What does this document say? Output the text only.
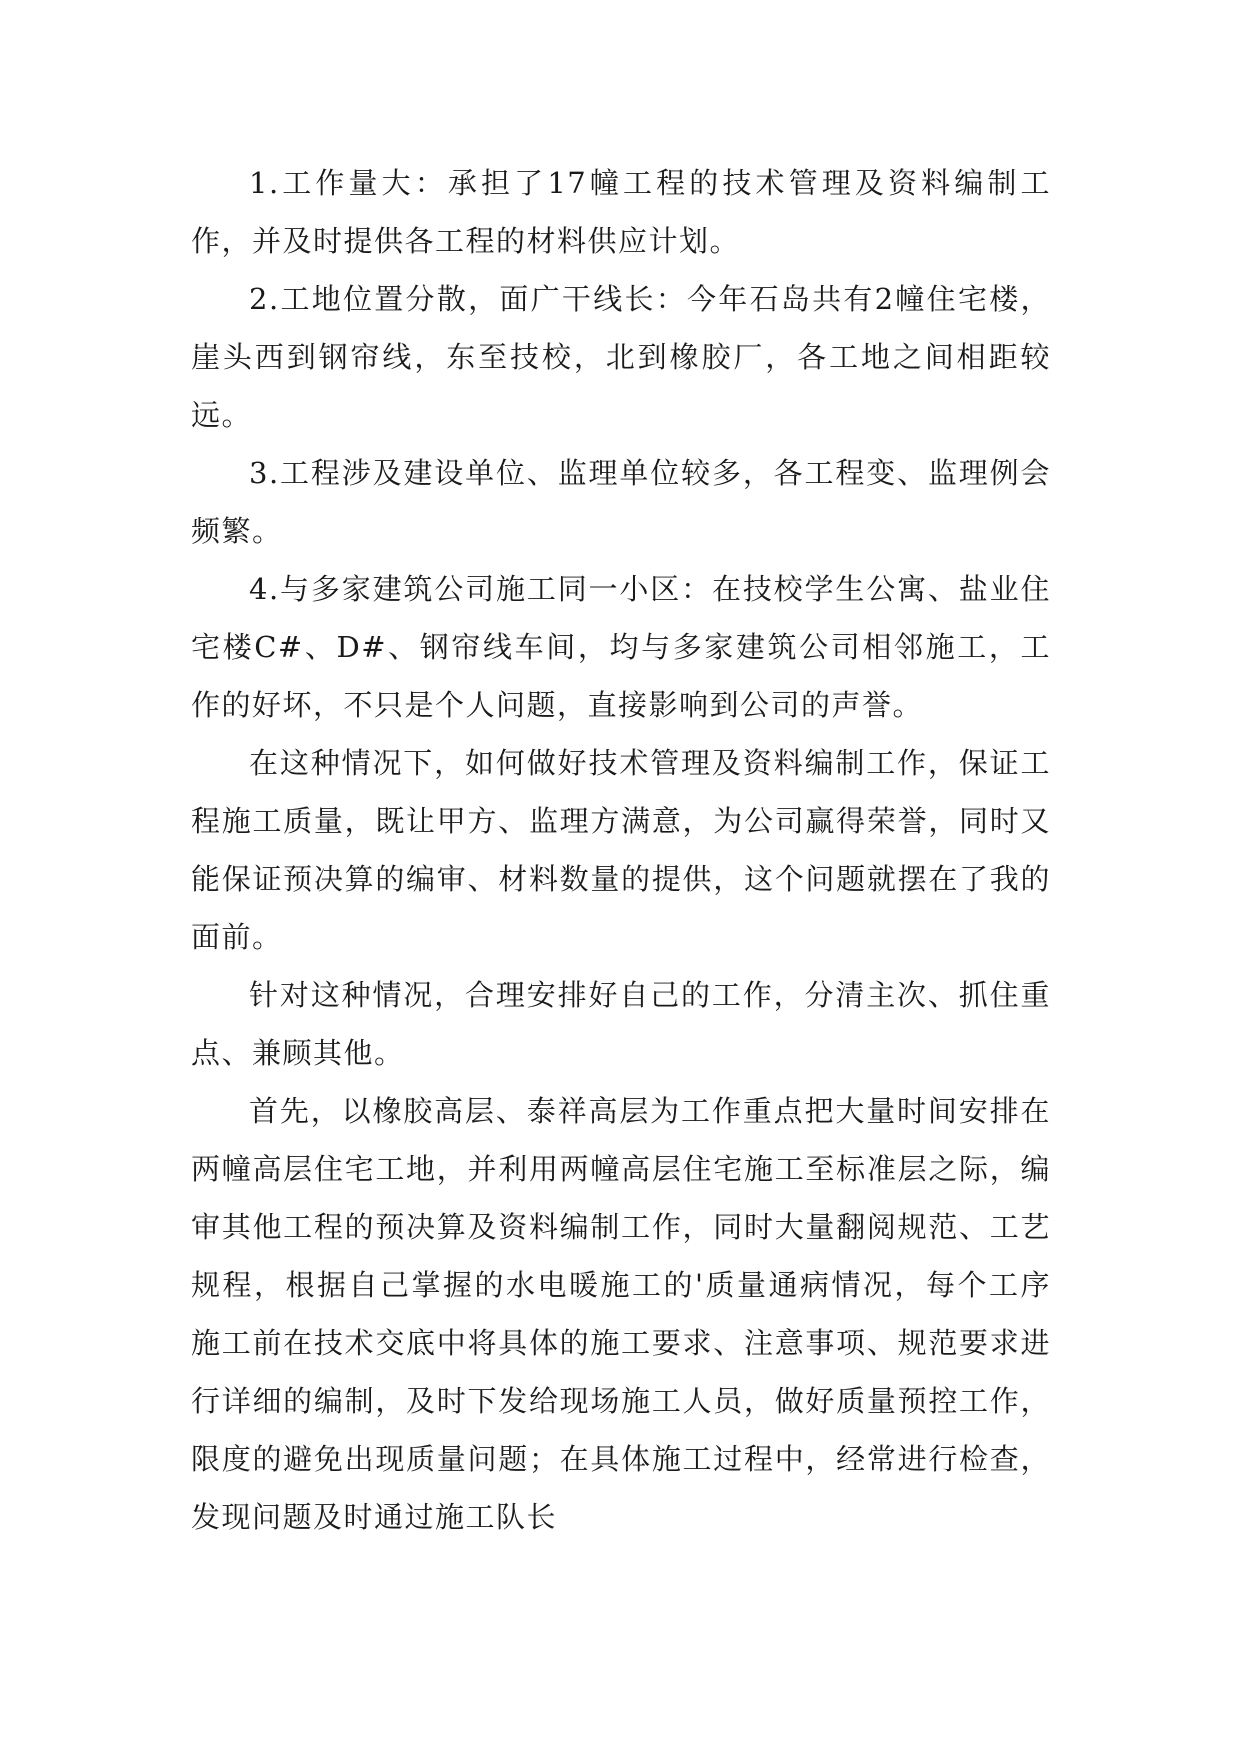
1.工作量大：承担了17幢工程的技术管理及资料编制工作，并及时提供各工程的材料供应计划。

2.工地位置分散，面广干线长：今年石岛共有2幢住宅楼，崖头西到钢帘线，东至技校，北到橡胶厂，各工地之间相距较远。

3.工程涉及建设单位、监理单位较多，各工程变、监理例会频繁。

4.与多家建筑公司施工同一小区：在技校学生公寓、盐业住宅楼C#、D#、钢帘线车间，均与多家建筑公司相邻施工，工作的好坏，不只是个人问题，直接影响到公司的声誉。

在这种情况下，如何做好技术管理及资料编制工作，保证工程施工质量，既让甲方、监理方满意，为公司赢得荣誉，同时又能保证预决算的编审、材料数量的提供，这个问题就摆在了我的面前。

针对这种情况，合理安排好自己的工作，分清主次、抓住重点、兼顾其他。

首先，以橡胶高层、泰祥高层为工作重点把大量时间安排在两幢高层住宅工地，并利用两幢高层住宅施工至标准层之际，编审其他工程的预决算及资料编制工作，同时大量翻阅规范、工艺规程，根据自己掌握的水电暖施工的'质量通病情况，每个工序施工前在技术交底中将具体的施工要求、注意事项、规范要求进行详细的编制，及时下发给现场施工人员，做好质量预控工作，限度的避免出现质量问题；在具体施工过程中，经常进行检查，发现问题及时通过施工队长
